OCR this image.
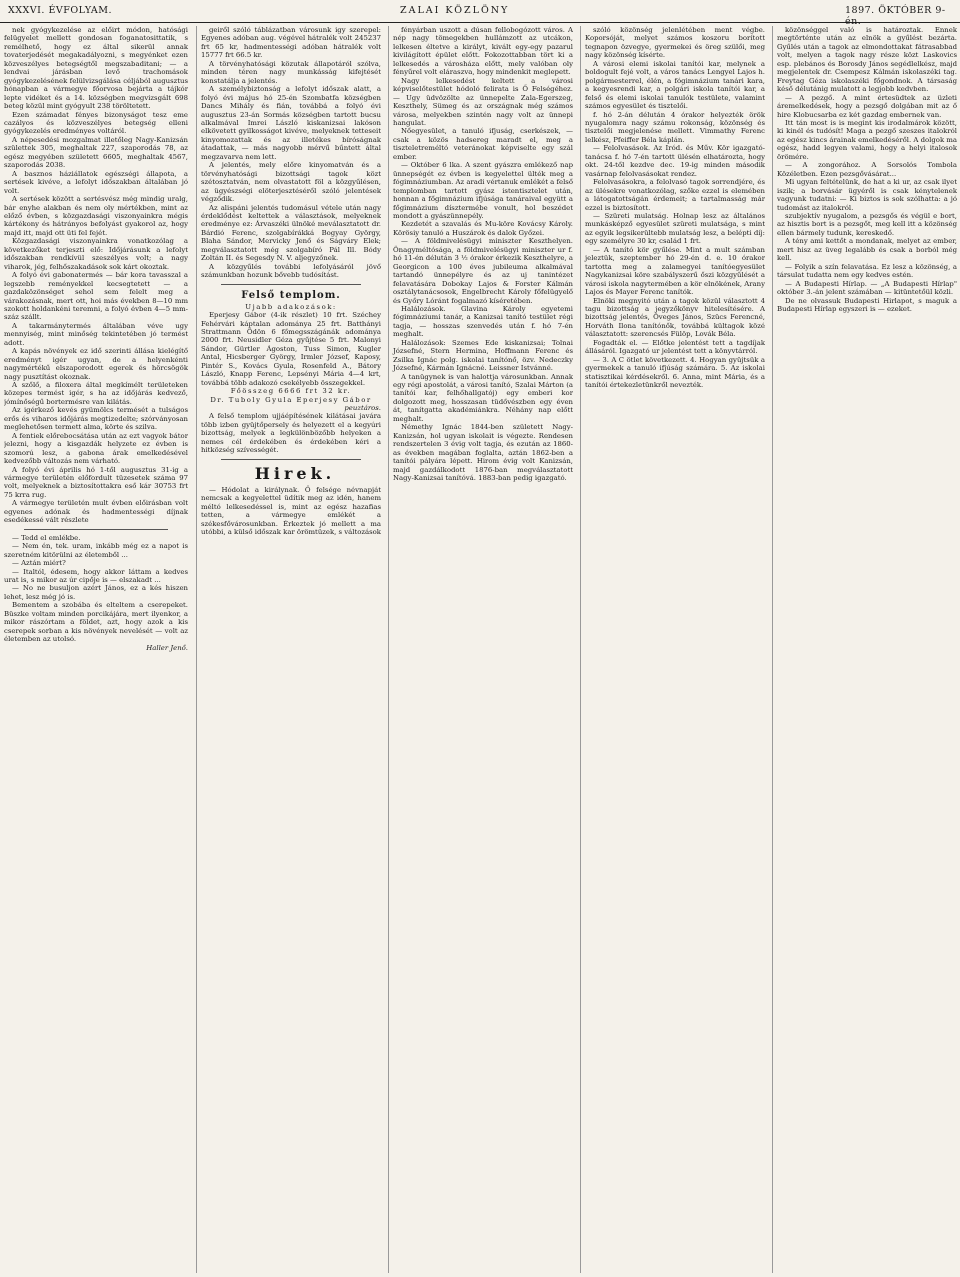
XXXVI. ÉVFOLYAM.	ZALAI KÖZLÖNY	1897. ÖKTÓBER 9-én.

nek gyógykezelése az előirt módon, hatósági felügyelet mellett gondosan foganatosittatik, s remélhető, hogy ez által sikerül annak tovaterjedését megakadályozni, s megyénket ezen közveszélyes betegségtől megszabaditani; — a lendvai járásban levő trachomások gyógykezelésének felülvizsgálása céljából augusztus hónapban a vármegye főorvosa bejárta a tájkór lepte vidéket és a 14. községben megvizsgált 698 beteg közül mint gyógyult 238 töröltetett.

Ezen számadat fényes bizonyságot tesz eme cazályos és közveszélyes betegség elleni gyógykezelés eredményes voltáról.

A népesedési mozgalmat illetőleg Nagy-Kanizsán születtek 305, meghaltak 227, szaporodás 78, az egész megyében született 6605, meghaltak 4567, szaporodás 2038.

A basznos háziállatok egészségi állapota, a sertések kivéve, a lefolyt időszakban általában jó volt.

A sertések között a sertésvész még mindig uralg, bár enyhe alakban és nem oly mértékben, mint az előző évben, s közgazdasági viszonyainkra mégis kártékony és hátrányos befolyást gyakorol az, hogy majd itt, majd ott üti fel fejét.

Közgazdasági viszonyainkra vonatkozólag a következőket terjeszti elő: Időjárásunk a lefolyt időszakban rendkívül szeszélyes volt; a nagy viharok, jég, felhőszakadások sok kárt okoztak.

A folyó évi gabonatermés — bár kora tavasszal a legszebb reményekkel kecsegtetett — a gazdaközönséget sehol sem felelt meg a várakozásnak, mert ott, hoi más években 8—10 mm szokott holdankéni teremni, a folyó évben 4—5 mm-száz szállt.

A takarmánytermés általában véve ugy mennyiség, mint minőség tekintetében jó termést adott.

A kapás növények ez idő szerinti állása kielégítő eredményt igér ugyan, de a helyenkénti nagymértékű elszaporodott egerek és hörcsögök nagy pusztítást okoznak.

A szőlő, a filoxera által megkímélt területeken közepes termést igér, s ha az időjárás kedvező, jómínőségű bortermésre van kilátás.

Az igérkező kevés gyümölcs termését a tulságos erős és viharos időjárás megtizedelte; szórványosan meglehetősen termett alma, körte és szilva.

A fentiek előrebocsátása után az ezt vagyok bátor jelezni, hogy a kisgazdák helyzete ez évben is szomorú lesz, a gabona árak emelkedésével kedvezőbb változás nem várható.

A folyó évi április hó 1-től augusztus 31-ig a vármegye területén előfordult tüzesetek száma 97 volt, melyeknek a biztosítottakra eső kár 30753 frt 75 krra rug.

A vármegye területén mult évben előirásban volt egyenes adónak és hadmentességi díjnak esedékessé vált részlete

— Tedd el emlékbe.

— Nem én, tek. uram, inkább még ez a napot is szeretném kitörülni az életemből ...

— Aztán miért?

— Italtól, édesem, hogy akkor láttam a kedves urat is, s mikor az úr cipője is — elszakadt ...

— No ne busuljon azért János, ez a kés hiszen lehet, lesz még jó is.

Bementem a szobába és elteltem a cserepeket. Büszke voltam minden porcikájára, mert ilyenkor, a mikor rászórtam a földet, azt, hogy azok a kis cserepek sorban a kis növények nevelését — volt az életemben az utolsó.

Haller Jenő.

geiről szóló táblázatban városunk igy szerepel: Egyenes adóban aug. végével hátralék volt 245237 frt 65 kr, hadmentességi adóban hátralék volt 15777 frt 66.5 kr.

A törvényhatósági közutak állapotáról szólva, minden téren nagy munkásság kifejtését konstatálja a jelentés.

A személybiztonság a lefolyt időszak alatt, a folyó évi május hó 25-én Szombatfa községben Dancs Mihály és fián, továbbá a folyó évi augusztus 23-án Sormás községben tartott bucsu alkalmával Imrei László kiskanizsai lakóson elkövetett gyilkosságot kivéve, melyeknek tetteseit kinyomozattak és az illetékes bíróságnak átadattak, — más nagyobb mérvű bűntett által megzavarva nem lett.

A jelentés, mely előre kinyomatván és a törvényhatósági bizottsági tagok közt szétosztatván, nem olvastatott föl a közgyűlésen, az ügyészségi elöterjesztéséről szóló jelentések végződik.

Az alispáni jelentés tudomásul vétele után nagy érdeklődést keltettek a választások, melyeknek eredménye ez: Árvaszéki ülnöké meválasztatott dr. Bárdió Ferenc, szolgabírákká Bogyay György, Blaha Sándor, Mervicky Jenő és Ságváry Elek; megválasztatott még szolgabíró Pál Ill. Bódy Zoltán II. és Segesdy N. V. aljegyzőnek.

A közgyűlés további lefolyásáról jövő számunkban hozunk bővebb tudósítást.

Felső templom.

Ujabb adakozások:

Eperjesy Gábor (4-ik részlet) 10 frt. Széchey Fehérvári káptalan adománya 25 frt. Batthányi Strattmann Ödön 6 főmegsszágánák adománya 2000 frt. Neusidler Géza gyűjtése 5 frt. Malonyi Sándor, Gürtler Ágoston, Tuss Simon, Kugler Antal, Hicsberger György, Irmler József, Kaposy, Pintér S., Kovács Gyula, Rosenfeld A., Bátory László, Knapp Ferenc, Lepsényi Mária 4—4 krt, továbbá több adakozó csekélyebb összegekkel.

Főösszeg 6666 frt 32 kr.

Dr. Tuboly Gyula Eperjesy Gábor

peuztáros.

A felső templom ujjáépítésének kilátásai javára több izben gyüjtőpersely és helyezett el a kegyúri bizottság, melyek a legkülönbözőbb helyeken a nemes cél érdekében és érdekében kéri a hitközség szívességét.

Hirek.

— Hódolat a királynak. Ő felsége névnapját nemcsak a kegyelettel üdítik meg az idén, hanem méltó lelkesedéssel is, mint az egész hazafias tetten, a vármegye emlékét a székesfővárosunkban. Érkeztek jó mellett a ma utóbbi, a külső időszak kar örömtüzek, s változások

fényárban uszott a dúsan fellobogózott város. A nép nagy tömegekben hullámzott az utcákon, lelkesen éltetve a királyt, kivált egy-egy pazarul kivilágított épület előtt. Fokozottabban tört ki a lelkesedés a városháza előtt, mely valóban oly fényűrel volt eláraszva, hogy mindenkit meglepett.

Nagy lelkesedést keltett a városi képviselőtestület hódoló felirata is Ő Felségéhez. — Ugy üdvözölte az ünnepelte Zala-Egerszeg, Keszthely, Sümeg és az országnak még számos városa, melyekben szintén nagy volt az ünnepi hangulat.

Nőegyesület, a tanuló ifjuság, cserkészek, — csak a közös hadsereg maradt el, meg a tiszteletreméltó veteránokat képviselte egy szál ember.

— Október 6 lka. A szent gyászra emlékező nap ünnepségét ez évben is kegyelettel ülték meg a fógimnáziumban. Az aradi vértanuk emlékét a felső templomban tartott gyász istentisztelet után, honnan a főgimnázium ifjúsága tanáraival együtt a főgimnázium dísztermébe vonult, hol beszédet mondott a gyászünnepély.

Kezdetét a szavalás és Mu-köre Kovácsy Károly. Körösiy tanuló a Huszárok és dalok Győzei.

— A földmivelésügyi miniszter Keszthelyen. Önagyméltósága, a földmivelésügyi miniszter ur f. hó 11-én délután 3 ½ órakor érkezik Keszthelyre, a Georgicon a 100 éves jubileuma alkalmával tartandó ünnepélyre és az uj tanintézet felavatására Dobokay Lajos & Forster Kálmán osztálytanácsosok, Engelbrecht Károly főfelügyelő és Győry Lóránt fogalmazó kíséretében.

Halálozások. Glavina Károly egyetemi fógimnáziumi tanár, a Kanizsai tanító testület régi tagja, — hosszas szenvedés után f. hó 7-én meghalt.

Halálozások: Szemes Ede kiskanizsai; Tolnai Józsefné, Stern Hermina, Hoffmann Ferenc és Zsilka Ignác polg. iskolai tanítónő, özv. Nedeczky Józsefné, Kármán Ignácné. Leissner Istvánné.

A tanügynek is van halottja városunkban. Annak egy régi apostolát, a városi tanító, Szalai Márton (a tanítói kar, felhőhallgatój) egy emberi kor dolgozott meg, hosszasan tüdővészben egy éven át, tanítgatta akadémiánkra. Néhány nap előtt meghalt.

Némethy Ignác 1844-ben született Nagy-Kanizsán, hol ugyan iskolait is végezte. Rendesen rendszertelen 3 évig volt tagja, és ezután az 1860-as években magában foglalta, aztán 1862-ben a tanítói pályára lépett. Hirom évig volt Kanizsán, majd gazdálkodott 1876-ban megválasztatott Nagy-Kanizsai tanítóvá. 1883-ban pedig igazgató.

szóló közönség jelenlétében ment végbe. Koporsóját, melyet számos koszoru borított tegnapon özvegye, gyermekei és öreg szülői, meg nagy közönség kísérte.

A városi elemi iskolai tanítói kar, melynek a boldogult fejé volt, a város tanács Lengyel Lajos h. polgármesterrel, élén, a fógimnázium tanári kara, a kegyesrendi kar, a polgári iskola tanítói kar, a felső és elemi iskolai tanulók testülete, valamint számos egyesület és tisztelői.

f. hó 2-án délután 4 órakor helyezték örök nyugalomra nagy számu rokonság, közönség és tisztelői megjelenése mellett. Vimmathy Ferenc lelkész, Pfeiffer Béla káplán.

— Felolvasások. Az Iród. és Műv. Kör igazgató-tanácsa f. hó 7-én tartott ülésén elhatározta, hogy okt. 24-től kezdve dec. 19-ig minden második vasárnap felolvasásokat rendez.

Felolvasásokra, a felolvasó tagok sorrendjére, és az ülésekre vonatkozólag, szőke ezzel is elemében a látogatottságán érdemeit; a tartalmasság már ezzel is biztosított.

— Szüreti mulatság. Holnap lesz az általános munkásképző egyesület szüreti mulatsága, s mint az egyik legsikerültebb mulatság lesz, a belépti díj: egy személyre 30 kr, család 1 frt.

— A tanító kör gyűlése. Mint a mult számban jeleztük, szeptember hó 29-én d. e. 10 órakor tartotta meg a zalamegyei tanítóegyesület Nagykanizsai köre szabályszerű őszi közgyűlését a városi iskola nagytermében a kör elnökének, Arany Lajos és Mayer Ferenc tanítók.

Elnöki megnyitó után a tagok közül választott 4 tagu bizottság a jegyzőkönyv hitelesítésére. A bizottság jelentés, Öveges János, Szücs Ferencné, Horváth Ilona tanítónők, továbbá kültagok közé választatott: szerencsés Fülöp, Lovák Béla.

Fogadták el. — Előtke jelentést tett a tagdíjak állásáról. Igazgató ur jelentést tett a könyvtárról.

— 3. A C ötlet következett. 4. Hogyan gyüjtsük a gyermekek a tanuló ifjúság számára. 5. Az iskolai statisztikai kérdésekről. 6. Anna, mint Mária, és a tanítói értekezletünkről nevezték.

közönséggel való is határoztak. Ennek megtörténte után az elnök a gyűlést bezárta. Gyűlés után a tagok az elmondottakat fátrasabbad volt, melyen a tagok nagy része közt Laskovics esp. plebános és Borosdy János segédlelkész, majd megjelentek dr. Csempesz Kálmán iskolaszéki tag. Freytag Géza iskolaszéki főgondnok. A társaság késő délutánig mulatott a legjobb kedvben.

— A pezgő. A mint értesüdtek az üzleti áremelkedések, hogy a pezsgő dolgában mit az ő hire Klobucsarba ez két gazdag embernek van.

Itt tán most is is megint kis irodalmárok között, ki kinél és tudósít! Maga a pezgő szeszes italokról az egész kincs árainak emelkedéséről. A dolgok ma egész, hadd legyen valami, hogy a helyi italosok örömére.

— A zongorához. A Sorsolós Tombola Közéletben. Ezen pezsgővásárat...

Mi ugyan feltételünk, de hat a ki ur, az csak ilyet iszik; a borvásár ügyéről is csak kénytelenek vagyunk tudatni: — Ki biztos is sok szólhatta: a jó tudomást az italokról.

szubjektív nyugalom, a pezsgős és végül e bort, az hisztis bort is a pezsgőt, meg kell itt a közönség ellen bármely tudunk, kereskedő.

A tény ami kettőt a mondanak, melyet az ember, mert hisz az üveg legalább és csak a borból még kell.

— Folyik a szín felavatása. Ez lesz a közönség, a társulat tudatta nem egy kedves estén.

— A Budapesti Hírlap. — „A Budapesti Hírlap" október 3.-án jelent számában — kitüntetőül közli.

De ne olvassuk Budapesti Hirlapot, s maguk a Budapesti Hírlap egyszeri is — ezeket.
